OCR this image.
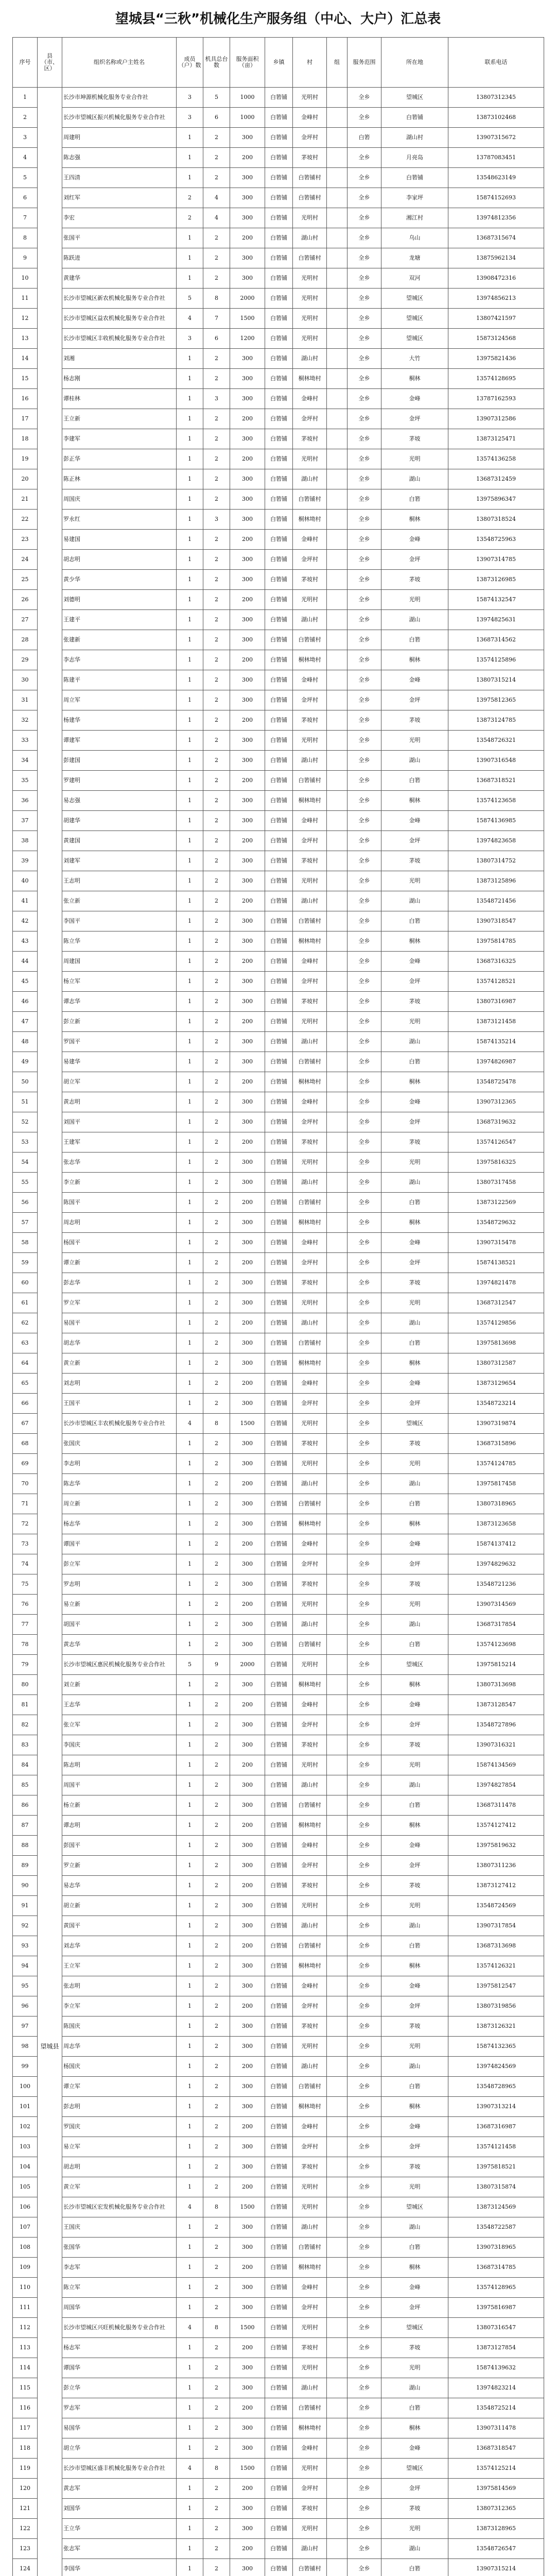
望城县“三秋”机械化生产服务组（中心、大户）汇总表
序号	县（市、区）	组织名称或户主姓名	成员（户）数	机具总台数	服务面积（亩）	乡镇	村	组	服务范围	所在地	联系电话
1	望城县	长沙市坤源机械化服务专业合作社	3	5	1000	白箬铺	光明村		全乡	望城区	13807312345
2		长沙市望城区振兴机械化服务专业合作社	3	6	1000	白箬铺	金峰村		全乡	白箬铺	13873102468
3		周建明	1	2	300	白箬铺	金坪村		白箬	湖山村	13907315672
4		陈志强	1	2	200	白箬铺	茅坡村		全乡	月亮岛	13787083451
5		王四清	1	2	300	白箬铺	白箬铺村		全乡	白箬铺	13548623149
6		刘红军	2	4	300	白箬铺	白箬铺村		全乡	李家坪	15874152693
7		李宏	2	4	300	白箬铺	光明村		全乡	湘江村	13974812356
8		张国平	1	2	200	白箬铺	湖山村		全乡	乌山	13687315674
9		陈跃进	1	2	300	白箬铺	白箬铺村		全乡	龙塘	13875962134
10		黄建华	1	2	300	白箬铺	光明村		全乡	双河	13908472316
11		长沙市望城区新农机械化服务专业合作社	5	8	2000	白箬铺	光明村		全乡	望城区	13974856213
12		长沙市望城区益农机械化服务专业合作社	4	7	1500	白箬铺	光明村		全乡	望城区	13807421597
13		长沙市望城区丰收机械化服务专业合作社	3	6	1200	白箬铺	光明村		全乡	望城区	15873124568
14		刘湘	1	2	300	白箬铺	湖山村		全乡	大竹	13975821436
15		杨志刚	1	2	300	白箬铺	桐林坳村		全乡	桐林	13574128695
16		谭桂林	1	3	300	白箬铺	金峰村		全乡	金峰	13787162593
17		王立新	1	2	200	白箬铺	金坪村		全乡	金坪	13907312586
18		李建军	1	2	300	白箬铺	茅坡村		全乡	茅坡	13873125471
19		彭正华	1	2	200	白箬铺	光明村		全乡	光明	13574136258
20		陈正林	1	2	300	白箬铺	湖山村		全乡	湖山	13687312459
21		周国庆	1	2	300	白箬铺	白箬铺村		全乡	白箬	13975896347
22		罗永红	1	3	300	白箬铺	桐林坳村		全乡	桐林	13807318524
23		易建国	1	2	200	白箬铺	金峰村		全乡	金峰	13548725963
24		胡志明	1	2	300	白箬铺	金坪村		全乡	金坪	13907314785
25		黄少华	1	2	300	白箬铺	茅坡村		全乡	茅坡	13873126985
26		刘德明	1	2	200	白箬铺	光明村		全乡	光明	15874132547
27		王建平	1	2	300	白箬铺	湖山村		全乡	湖山	13974825631
28		张建新	1	2	300	白箬铺	白箬铺村		全乡	白箬	13687314562
29		李志华	1	2	200	白箬铺	桐林坳村		全乡	桐林	13574125896
30		陈建平	1	2	300	白箬铺	金峰村		全乡	金峰	13807315214
31		周立军	1	2	300	白箬铺	金坪村		全乡	金坪	13975812365
32		杨建华	1	2	200	白箬铺	茅坡村		全乡	茅坡	13873124785
33		谭建军	1	2	300	白箬铺	光明村		全乡	光明	13548726321
34		彭建国	1	2	300	白箬铺	湖山村		全乡	湖山	13907316548
35		罗建明	1	2	200	白箬铺	白箬铺村		全乡	白箬	13687318521
36		易志强	1	2	300	白箬铺	桐林坳村		全乡	桐林	13574123658
37		胡建华	1	2	300	白箬铺	金峰村		全乡	金峰	15874136985
38		黄建国	1	2	200	白箬铺	金坪村		全乡	金坪	13974823658
39		刘建军	1	2	300	白箬铺	茅坡村		全乡	茅坡	13807314752
40		王志明	1	2	300	白箬铺	光明村		全乡	光明	13873125896
41		张立新	1	2	200	白箬铺	湖山村		全乡	湖山	13548721456
42		李国平	1	2	300	白箬铺	白箬铺村		全乡	白箬	13907318547
43		陈立华	1	2	300	白箬铺	桐林坳村		全乡	桐林	13975814785
44		周建国	1	2	200	白箬铺	金峰村		全乡	金峰	13687316325
45		杨立军	1	2	300	白箬铺	金坪村		全乡	金坪	13574128521
46		谭志华	1	2	300	白箬铺	茅坡村		全乡	茅坡	13807316987
47		彭立新	1	2	200	白箬铺	光明村		全乡	光明	13873121458
48		罗国平	1	2	300	白箬铺	湖山村		全乡	湖山	15874135214
49		易建华	1	2	300	白箬铺	白箬铺村		全乡	白箬	13974826987
50		胡立军	1	2	200	白箬铺	桐林坳村		全乡	桐林	13548725478
51		黄志明	1	2	300	白箬铺	金峰村		全乡	金峰	13907312365
52		刘国平	1	2	300	白箬铺	金坪村		全乡	金坪	13687319632
53		王建军	1	2	200	白箬铺	茅坡村		全乡	茅坡	13574126547
54		张志华	1	2	300	白箬铺	光明村		全乡	光明	13975816325
55		李立新	1	2	300	白箬铺	湖山村		全乡	湖山	13807317458
56		陈国平	1	2	200	白箬铺	白箬铺村		全乡	白箬	13873122569
57		周志明	1	2	300	白箬铺	桐林坳村		全乡	桐林	13548729632
58		杨国平	1	2	300	白箬铺	金峰村		全乡	金峰	13907315478
59		谭立新	1	2	200	白箬铺	金坪村		全乡	金坪	15874138521
60		彭志华	1	2	300	白箬铺	茅坡村		全乡	茅坡	13974821478
61		罗立军	1	2	300	白箬铺	光明村		全乡	光明	13687312547
62		易国平	1	2	200	白箬铺	湖山村		全乡	湖山	13574129856
63		胡志华	1	2	300	白箬铺	白箬铺村		全乡	白箬	13975813698
64		黄立新	1	2	300	白箬铺	桐林坳村		全乡	桐林	13807312587
65		刘志明	1	2	200	白箬铺	金峰村		全乡	金峰	13873129654
66		王国平	1	2	300	白箬铺	金坪村		全乡	金坪	13548723214
67		长沙市望城区丰农机械化服务专业合作社	4	8	1500	白箬铺	光明村		全乡	望城区	13907319874
68		张国庆	1	2	300	白箬铺	茅坡村		全乡	茅坡	13687315896
69		李志明	1	2	300	白箬铺	光明村		全乡	光明	13574124785
70		陈志华	1	2	200	白箬铺	湖山村		全乡	湖山	13975817458
71		周立新	1	2	300	白箬铺	白箬铺村		全乡	白箬	13807318965
72		杨志华	1	2	300	白箬铺	桐林坳村		全乡	桐林	13873123658
73		谭国平	1	2	200	白箬铺	金峰村		全乡	金峰	15874137412
74		彭立军	1	2	300	白箬铺	金坪村		全乡	金坪	13974829632
75		罗志明	1	2	300	白箬铺	茅坡村		全乡	茅坡	13548721236
76		易立新	1	2	200	白箬铺	光明村		全乡	光明	13907314569
77		胡国平	1	2	300	白箬铺	湖山村		全乡	湖山	13687317854
78		黄志华	1	2	300	白箬铺	白箬铺村		全乡	白箬	13574123698
79		长沙市望城区惠民机械化服务专业合作社	5	9	2000	白箬铺	光明村		全乡	望城区	13975815214
80		刘立新	1	2	300	白箬铺	桐林坳村		全乡	桐林	13807313698
81		王志华	1	2	200	白箬铺	金峰村		全乡	金峰	13873128547
82		张立军	1	2	300	白箬铺	金坪村		全乡	金坪	13548727896
83		李国庆	1	2	300	白箬铺	茅坡村		全乡	茅坡	13907316321
84		陈志明	1	2	200	白箬铺	光明村		全乡	光明	15874134569
85		周国平	1	2	300	白箬铺	湖山村		全乡	湖山	13974827854
86		杨立新	1	2	300	白箬铺	白箬铺村		全乡	白箬	13687311478
87		谭志明	1	2	200	白箬铺	桐林坳村		全乡	桐林	13574127412
88		彭国平	1	2	300	白箬铺	金峰村		全乡	金峰	13975819632
89		罗立新	1	2	300	白箬铺	金坪村		全乡	金坪	13807311236
90		易志华	1	2	200	白箬铺	茅坡村		全乡	茅坡	13873127412
91		胡立新	1	2	300	白箬铺	光明村		全乡	光明	13548724569
92		黄国平	1	2	300	白箬铺	湖山村		全乡	湖山	13907317854
93		刘志华	1	2	200	白箬铺	白箬铺村		全乡	白箬	13687313698
94		王立军	1	2	300	白箬铺	桐林坳村		全乡	桐林	13574126321
95		张志明	1	2	300	白箬铺	金峰村		全乡	金峰	13975812547
96		李立军	1	2	200	白箬铺	金坪村		全乡	金坪	13807319856
97		陈国庆	1	2	300	白箬铺	茅坡村		全乡	茅坡	13873126321
98		周志华	1	2	300	白箬铺	光明村		全乡	光明	15874132365
99		杨国庆	1	2	200	白箬铺	湖山村		全乡	湖山	13974824569
100		谭立军	1	2	300	白箬铺	白箬铺村		全乡	白箬	13548728965
101		彭志明	1	2	300	白箬铺	桐林坳村		全乡	桐林	13907313214
102		罗国庆	1	2	200	白箬铺	金峰村		全乡	金峰	13687316987
103		易立军	1	2	300	白箬铺	金坪村		全乡	金坪	13574121458
104		胡志明	1	2	300	白箬铺	茅坡村		全乡	茅坡	13975818521
105		黄立军	1	2	200	白箬铺	光明村		全乡	光明	13807315874
106		长沙市望城区宏发机械化服务专业合作社	4	8	1500	白箬铺	光明村		全乡	望城区	13873124569
107		王国庆	1	2	300	白箬铺	湖山村		全乡	湖山	13548722587
108		张国华	1	2	300	白箬铺	白箬铺村		全乡	白箬	13907318965
109		李志军	1	2	200	白箬铺	桐林坳村		全乡	桐林	13687314785
110		陈立军	1	2	300	白箬铺	金峰村		全乡	金峰	13574128965
111		周国华	1	2	300	白箬铺	金坪村		全乡	金坪	13975816987
112		长沙市望城区兴旺机械化服务专业合作社	4	8	1500	白箬铺	光明村		全乡	望城区	13807316547
113		杨志军	1	2	200	白箬铺	茅坡村		全乡	茅坡	13873127854
114		谭国华	1	2	300	白箬铺	光明村		全乡	光明	15874139632
115		彭立华	1	2	300	白箬铺	湖山村		全乡	湖山	13974823214
116		罗志军	1	2	200	白箬铺	白箬铺村		全乡	白箬	13548725214
117		易国华	1	2	300	白箬铺	桐林坳村		全乡	桐林	13907311478
118		胡立华	1	2	300	白箬铺	金峰村		全乡	金峰	13687318547
119		长沙市望城区盛丰机械化服务专业合作社	4	8	1500	白箬铺	光明村		全乡	望城区	13574125214
120		黄志军	1	2	200	白箬铺	金坪村		全乡	金坪	13975814569
121		刘国华	1	2	300	白箬铺	茅坡村		全乡	茅坡	13807312365
122		王立华	1	2	300	白箬铺	光明村		全乡	光明	13873128965
123		张志军	1	2	200	白箬铺	湖山村		全乡	湖山	13548726547
124		李国华	1	2	300	白箬铺	白箬铺村		全乡	白箬	13907315214
